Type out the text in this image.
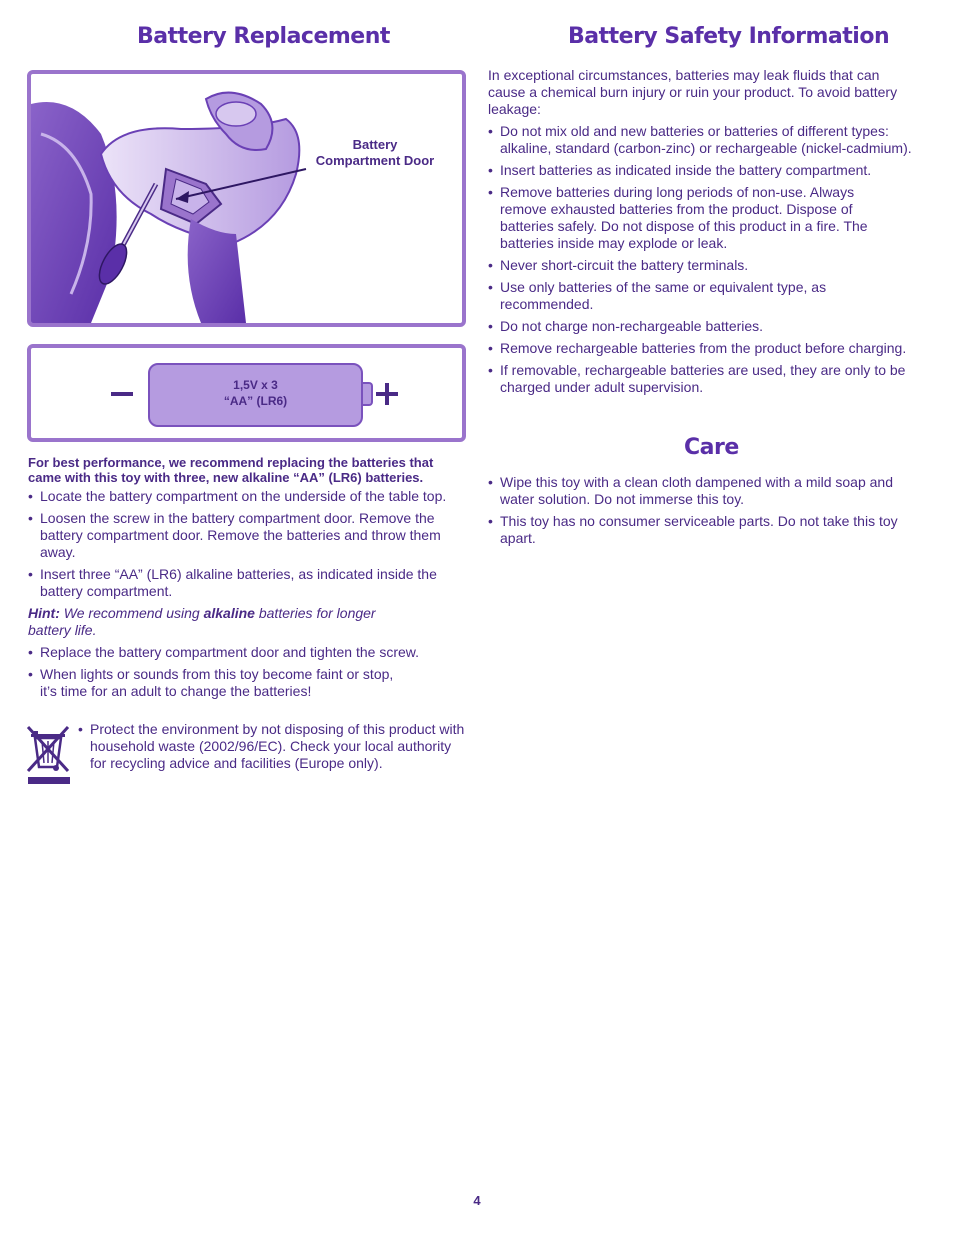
Battery Replacement
Battery
Compartment Door
1,5V x 3
“AA” (LR6)

For best performance, we recommend replacing the batteries that came with this toy with three, new alkaline “AA” (LR6) batteries.

• Locate the battery compartment on the underside of the table top.

• Loosen the screw in the battery compartment door. Remove the battery compartment door. Remove the batteries and throw them away.

• Insert three “AA” (LR6) alkaline batteries, as indicated inside the battery compartment.

Hint: We recommend using alkaline batteries for longer battery life.

• Replace the battery compartment door and tighten the screw.

• When lights or sounds from this toy become faint or stop, it’s time for an adult to change the batteries!

• Protect the environment by not disposing of this product with household waste (2002/96/EC). Check your local authority for recycling advice and facilities (Europe only).

Battery Safety Information

In exceptional circumstances, batteries may leak fluids that can cause a chemical burn injury or ruin your product. To avoid battery leakage:

• Do not mix old and new batteries or batteries of different types: alkaline, standard (carbon-zinc) or rechargeable (nickel-cadmium).

• Insert batteries as indicated inside the battery compartment.

• Remove batteries during long periods of non-use. Always remove exhausted batteries from the product. Dispose of batteries safely. Do not dispose of this product in a fire. The batteries inside may explode or leak.

• Never short-circuit the battery terminals.

• Use only batteries of the same or equivalent type, as recommended.

• Do not charge non-rechargeable batteries.

• Remove rechargeable batteries from the product before charging.

• If removable, rechargeable batteries are used, they are only to be charged under adult supervision.

Care

• Wipe this toy with a clean cloth dampened with a mild soap and water solution. Do not immerse this toy.

• This toy has no consumer serviceable parts. Do not take this toy apart.

4
